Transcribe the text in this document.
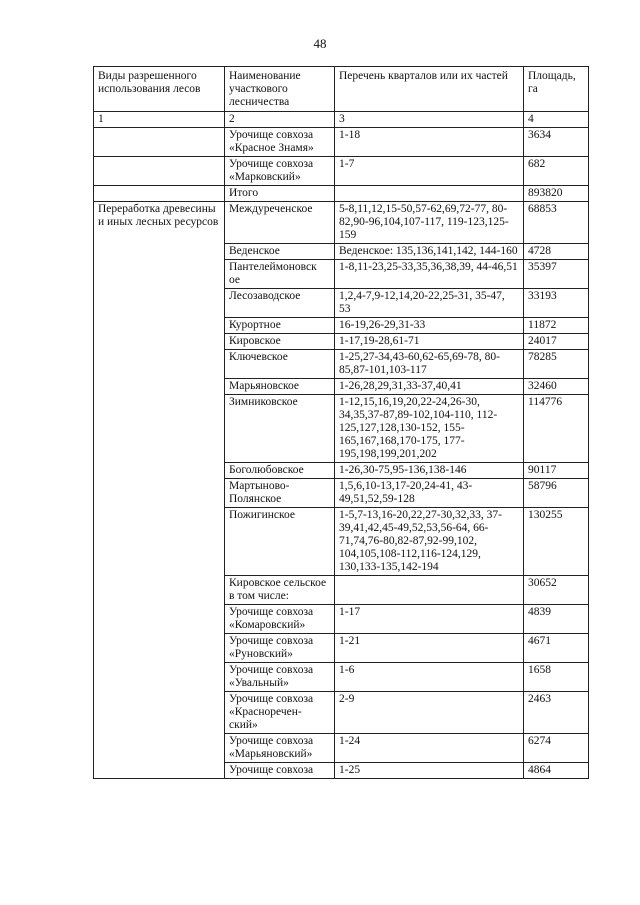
48
Виды разрешенного использования лесов	Наименование участкового лесничества	Перечень кварталов или их частей	Площадь, га
1	2	3	4
	Урочище совхоза «Красное Знамя»	1-18	3634
	Урочище совхоза «Марковский»	1-7	682
	Итого		893820
Переработка древесины и иных лесных ресурсов	Междуреченское	5-8,11,12,15-50,57-62,69,72-77, 80-82,90-96,104,107-117, 119-123,125-159	68853
	Веденское	Веденское: 135,136,141,142, 144-160	4728
	Пантелеймоновск ое	1-8,11-23,25-33,35,36,38,39, 44-46,51	35397
	Лесозаводское	1,2,4-7,9-12,14,20-22,25-31, 35-47, 53	33193
	Курортное	16-19,26-29,31-33	11872
	Кировское	1-17,19-28,61-71	24017
	Ключевское	1-25,27-34,43-60,62-65,69-78, 80-85,87-101,103-117	78285
	Марьяновское	1-26,28,29,31,33-37,40,41	32460
	Зимниковское	1-12,15,16,19,20,22-24,26-30, 34,35,37-87,89-102,104-110, 112-125,127,128,130-152, 155-165,167,168,170-175, 177-195,198,199,201,202	114776
	Боголюбовское	1-26,30-75,95-136,138-146	90117
	Мартыново-Полянское	1,5,6,10-13,17-20,24-41, 43-49,51,52,59-128	58796
	Пожигинское	1-5,7-13,16-20,22,27-30,32,33, 37-39,41,42,45-49,52,53,56-64, 66-71,74,76-80,82-87,92-99,102, 104,105,108-112,116-124,129, 130,133-135,142-194	130255
	Кировское сельское в том числе:		30652
	Урочище совхоза «Комаровский»	1-17	4839
	Урочище совхоза «Руновский»	1-21	4671
	Урочище совхоза «Увальный»	1-6	1658
	Урочище совхоза «Красноречен-ский»	2-9	2463
	Урочище совхоза «Марьяновский»	1-24	6274
	Урочище совхоза	1-25	4864
